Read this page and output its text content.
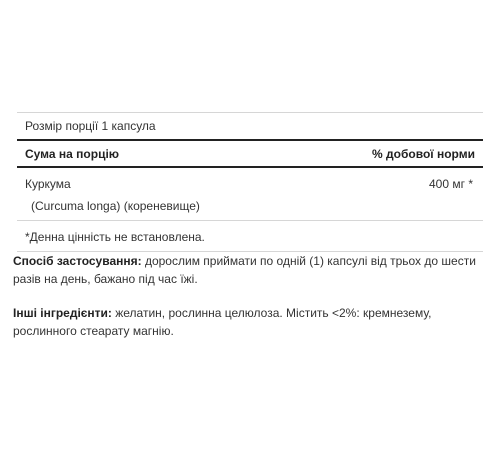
Розмір порції 1 капсула
Сума на порцію	% добової норми
Куркума	400 мг *
(Curcuma longa) (кореневище)
*Денна цінність не встановлена.
Спосіб застосування: дорослим приймати по одній (1) капсулі від трьох до шести разів на день, бажано під час їжі.
Інші інгредієнти: желатин, рослинна целюлоза. Містить <2%: кремнезему, рослинного стеарату магнію.
